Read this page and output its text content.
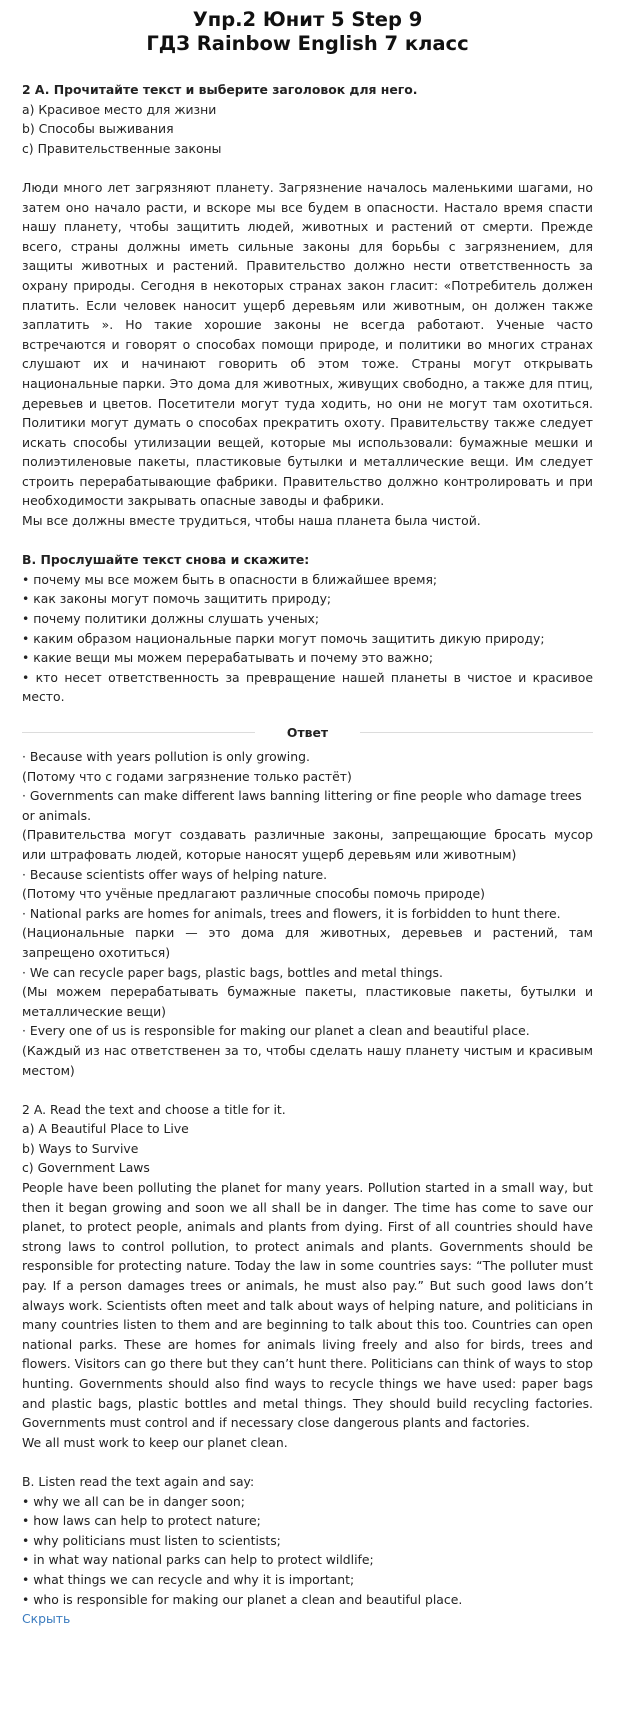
Упр.2 Юнит 5 Step 9
ГДЗ Rainbow English 7 класс
2 A. Прочитайте текст и выберите заголовок для него.
a) Красивое место для жизни
b) Способы выживания
c) Правительственные законы
Люди много лет загрязняют планету. Загрязнение началось маленькими шагами, но затем оно начало расти, и вскоре мы все будем в опасности. Настало время спасти нашу планету, чтобы защитить людей, животных и растений от смерти. Прежде всего, страны должны иметь сильные законы для борьбы с загрязнением, для защиты животных и растений. Правительство должно нести ответственность за охрану природы. Сегодня в некоторых странах закон гласит: «Потребитель должен платить. Если человек наносит ущерб деревьям или животным, он должен также заплатить ». Но такие хорошие законы не всегда работают. Ученые часто встречаются и говорят о способах помощи природе, и политики во многих странах слушают их и начинают говорить об этом тоже. Страны могут открывать национальные парки. Это дома для животных, живущих свободно, а также для птиц, деревьев и цветов. Посетители могут туда ходить, но они не могут там охотиться. Политики могут думать о способах прекратить охоту. Правительству также следует искать способы утилизации вещей, которые мы использовали: бумажные мешки и полиэтиленовые пакеты, пластиковые бутылки и металлические вещи. Им следует строить перерабатывающие фабрики. Правительство должно контролировать и при необходимости закрывать опасные заводы и фабрики.
Мы все должны вместе трудиться, чтобы наша планета была чистой.
B. Прослушайте текст снова и скажите:
• почему мы все можем быть в опасности в ближайшее время;
• как законы могут помочь защитить природу;
• почему политики должны слушать ученых;
• каким образом национальные парки могут помочь защитить дикую природу;
• какие вещи мы можем перерабатывать и почему это важно;
• кто несет ответственность за превращение нашей планеты в чистое и красивое место.
Ответ
· Because with years pollution is only growing.
(Потому что с годами загрязнение только растёт)
· Governments can make different laws banning littering or fine people who damage trees or animals.
(Правительства могут создавать различные законы, запрещающие бросать мусор или штрафовать людей, которые наносят ущерб деревьям или животным)
· Because scientists offer ways of helping nature.
(Потому что учёные предлагают различные способы помочь природе)
· National parks are homes for animals, trees and flowers, it is forbidden to hunt there.
(Национальные парки — это дома для животных, деревьев и растений, там запрещено охотиться)
· We can recycle paper bags, plastic bags, bottles and metal things.
(Мы можем перерабатывать бумажные пакеты, пластиковые пакеты, бутылки и металлические вещи)
· Every one of us is responsible for making our planet a clean and beautiful place.
(Каждый из нас ответственен за то, чтобы сделать нашу планету чистым и красивым местом)
2 A. Read the text and choose a title for it.
a) A Beautiful Place to Live
b) Ways to Survive
c) Government Laws
People have been polluting the planet for many years. Pollution started in a small way, but then it began growing and soon we all shall be in danger. The time has come to save our planet, to protect people, animals and plants from dying. First of all countries should have strong laws to control pollution, to protect animals and plants. Governments should be responsible for protecting nature. Today the law in some countries says: “The polluter must pay. If a person damages trees or animals, he must also pay.” But such good laws don’t always work. Scientists often meet and talk about ways of helping nature, and politicians in many countries listen to them and are beginning to talk about this too. Countries can open national parks. These are homes for animals living freely and also for birds, trees and flowers. Visitors can go there but they can’t hunt there. Politicians can think of ways to stop hunting. Governments should also find ways to recycle things we have used: paper bags and plastic bags, plastic bottles and metal things. They should build recycling factories. Governments must control and if necessary close dangerous plants and factories.
We all must work to keep our planet clean.
B. Listen read the text again and say:
• why we all can be in danger soon;
• how laws can help to protect nature;
• why politicians must listen to scientists;
• in what way national parks can help to protect wildlife;
• what things we can recycle and why it is important;
• who is responsible for making our planet a clean and beautiful place.
Скрыть
